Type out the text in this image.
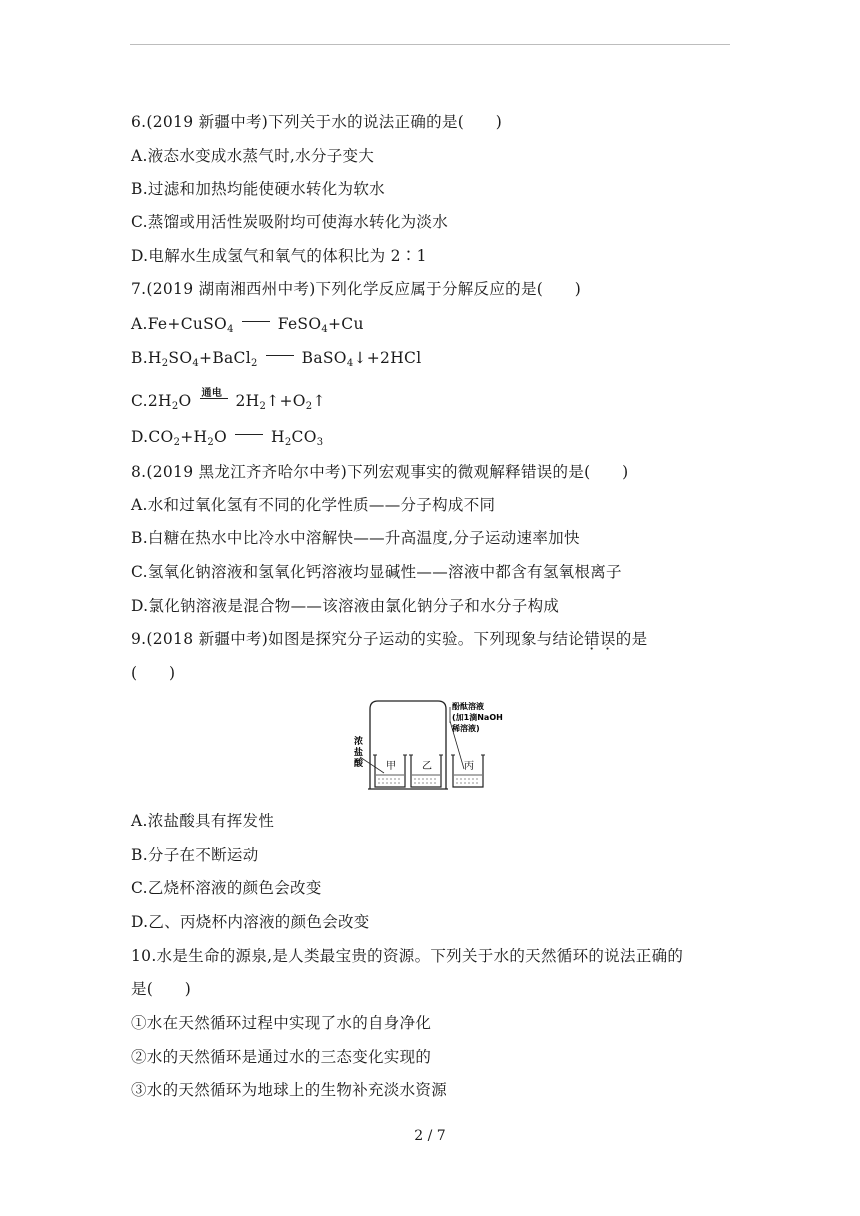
6.(2019 新疆中考)下列关于水的说法正确的是(　　)
A.液态水变成水蒸气时,水分子变大
B.过滤和加热均能使硬水转化为软水
C.蒸馏或用活性炭吸附均可使海水转化为淡水
D.电解水生成氢气和氧气的体积比为 2∶1
7.(2019 湖南湘西州中考)下列化学反应属于分解反应的是(　　)
A.Fe+CuSO$_4$	FeSO$_4$+Cu
$B.H_2SO_4+BaCl_2$	BaSO$_4$↓+2HCl
$C.2H_2O$ 通电 $2H_2↑+O_2↑$
$D.CO_2+H_2O$	$H_2CO_3$
8.(2019 黑龙江齐齐哈尔中考)下列宏观事实的微观解释错误的是(　　)
A.水和过氧化氢有不同的化学性质——分子构成不同
B.白糖在热水中比冷水中溶解快——升高温度,分子运动速率加快
C.氢氧化钠溶液和氢氧化钙溶液均显碱性——溶液中都含有氢氧根离子
D.氯化钠溶液是混合物——该溶液由氯化钠分子和水分子构成
9.(2018 新疆中考)如图是探究分子运动的实验。下列现象与结论错误的是
(　　)
浓
盐
酸 甲	乙	丙
酚酞溶液
(加1滴NaOH
稀溶液)
A.浓盐酸具有挥发性
B.分子在不断运动
C.乙烧杯溶液的颜色会改变
D.乙、丙烧杯内溶液的颜色会改变
10.水是生命的源泉,是人类最宝贵的资源。下列关于水的天然循环的说法正确的
是(　　)
①水在天然循环过程中实现了水的自身净化
②水的天然循环是通过水的三态变化实现的
③水的天然循环为地球上的生物补充淡水资源
2 / 7
